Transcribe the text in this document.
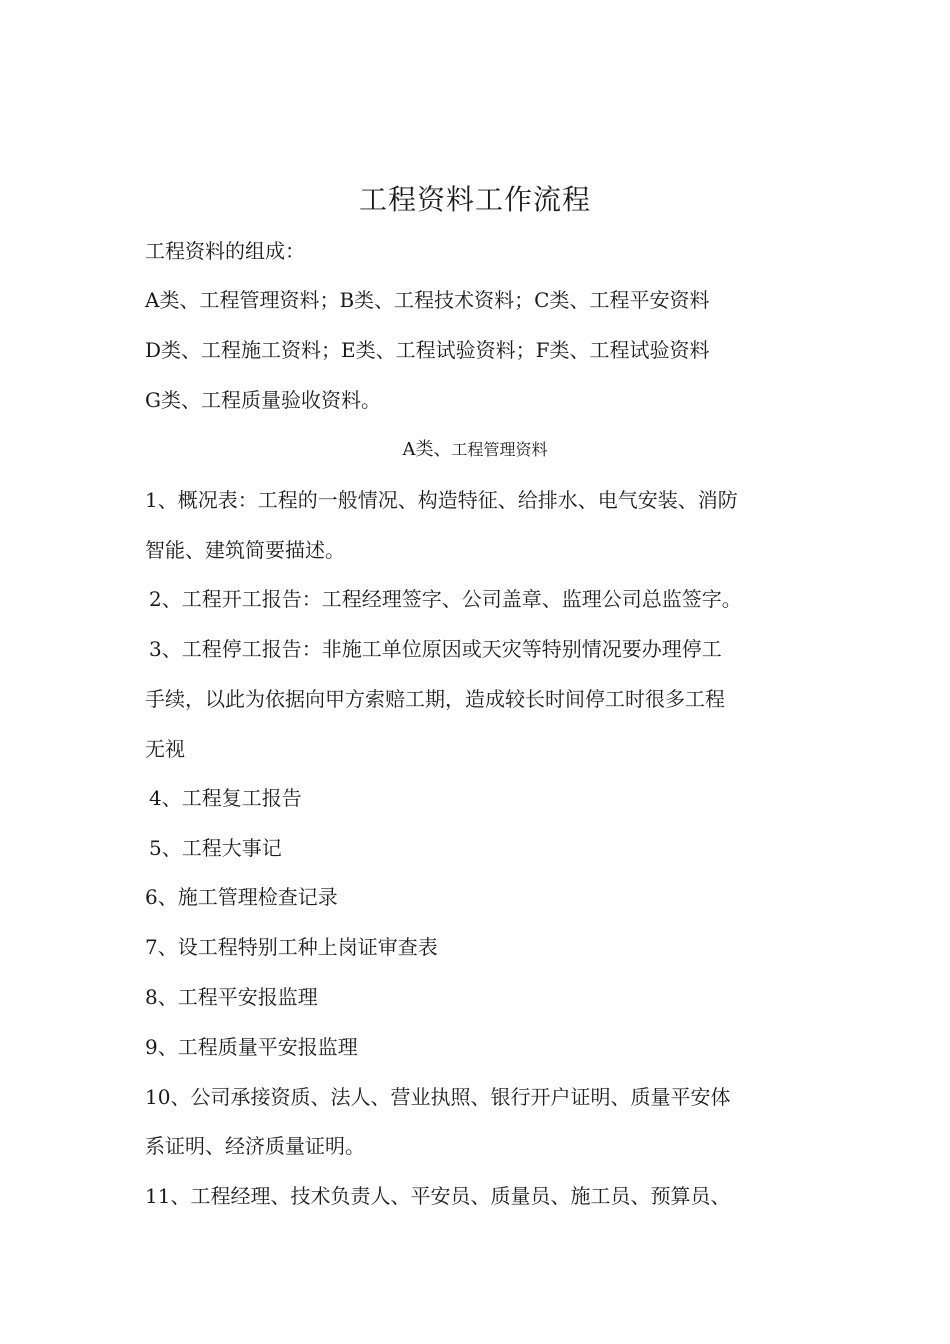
工程资料工作流程
工程资料的组成：
A类、工程管理资料；B类、工程技术资料；C类、工程平安资料
D类、工程施工资料；E类、工程试验资料；F类、工程试验资料
G类、工程质量验收资料。
A类、工程管理资料
1、概况表：工程的一般情况、构造特征、给排水、电气安装、消防
智能、建筑简要描述。
2、工程开工报告：工程经理签字、公司盖章、监理公司总监签字。
3、工程停工报告：非施工单位原因或天灾等特别情况要办理停工
手续，以此为依据向甲方索赔工期，造成较长时间停工时很多工程
无视
4、工程复工报告
5、工程大事记
6、施工管理检查记录
7、设工程特别工种上岗证审查表
8、工程平安报监理
9、工程质量平安报监理
10、公司承接资质、法人、营业执照、银行开户证明、质量平安体
系证明、经济质量证明。
11、工程经理、技术负责人、平安员、质量员、施工员、预算员、
